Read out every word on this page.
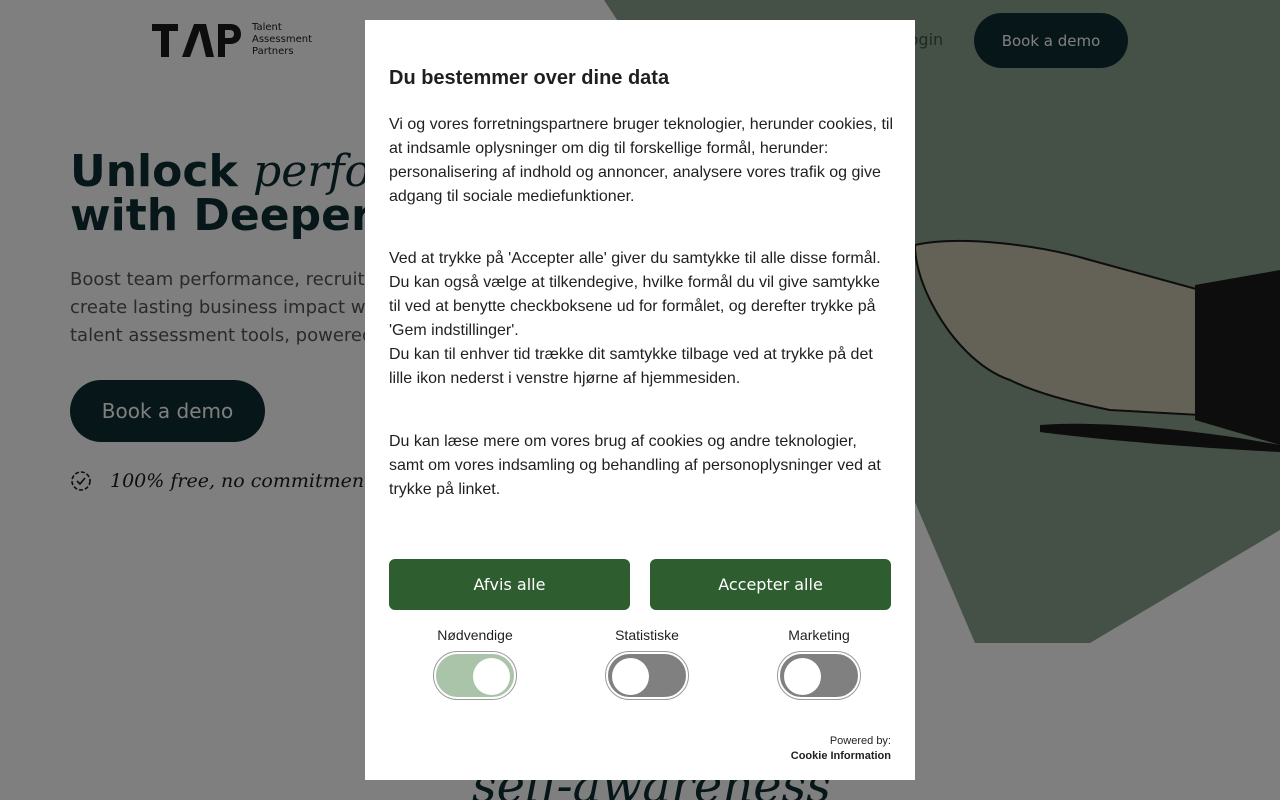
Du bestemmer over dine data

Vi og vores forretningspartnere bruger teknologier, herunder cookies, til at indsamle oplysninger om dig til forskellige formål, herunder: personalisering af indhold og annoncer, analysere vores trafik og give adgang til sociale mediefunktioner.

Ved at trykke på 'Accepter alle' giver du samtykke til alle disse formål. Du kan også vælge at tilkendegive, hvilke formål du vil give samtykke til ved at benytte checkboksene ud for formålet, og derefter trykke på 'Gem indstillinger'.

Du kan til enhver tid trække dit samtykke tilbage ved at trykke på det lille ikon nederst i venstre hjørne af hjemmesiden.

Du kan læse mere om vores brug af cookies og andre teknologier, samt om vores indsamling og behandling af personoplysninger ved at trykke på linket.

Afvis alle	Accepter alle
Nødvendige	Statistiske	Marketing
Powered by:
Cookie Information
